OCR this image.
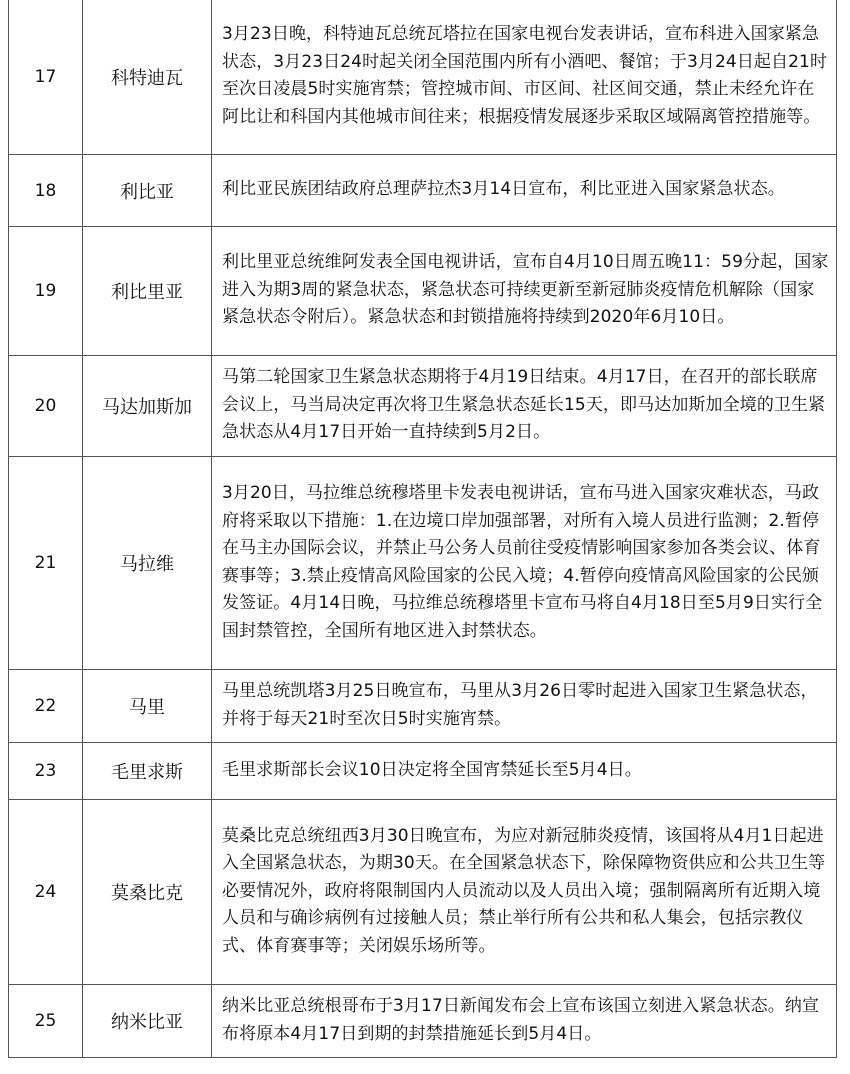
17	科特迪瓦	3月23日晚，科特迪瓦总统瓦塔拉在国家电视台发表讲话，宣布科进入国家紧急状态，3月23日24时起关闭全国范围内所有小酒吧、餐馆；于3月24日起自21时至次日凌晨5时实施宵禁；管控城市间、市区间、社区间交通，禁止未经允许在阿比让和科国内其他城市间往来；根据疫情发展逐步采取区域隔离管控措施等。
18	利比亚	利比亚民族团结政府总理萨拉杰3月14日宣布，利比亚进入国家紧急状态。
19	利比里亚	利比里亚总统维阿发表全国电视讲话，宣布自4月10日周五晚11：59分起，国家进入为期3周的紧急状态，紧急状态可持续更新至新冠肺炎疫情危机解除（国家紧急状态令附后）。紧急状态和封锁措施将持续到2020年6月10日。
20	马达加斯加	马第二轮国家卫生紧急状态期将于4月19日结束。4月17日，在召开的部长联席会议上，马当局决定再次将卫生紧急状态延长15天，即马达加斯加全境的卫生紧急状态从4月17日开始一直持续到5月2日。
21	马拉维	3月20日，马拉维总统穆塔里卡发表电视讲话，宣布马进入国家灾难状态，马政府将采取以下措施：1.在边境口岸加强部署，对所有入境人员进行监测；2.暂停在马主办国际会议，并禁止马公务人员前往受疫情影响国家参加各类会议、体育赛事等；3.禁止疫情高风险国家的公民入境；4.暂停向疫情高风险国家的公民颁发签证。4月14日晚，马拉维总统穆塔里卡宣布马将自4月18日至5月9日实行全国封禁管控，全国所有地区进入封禁状态。
22	马里	马里总统凯塔3月25日晚宣布，马里从3月26日零时起进入国家卫生紧急状态，并将于每天21时至次日5时实施宵禁。
23	毛里求斯	毛里求斯部长会议10日决定将全国宵禁延长至5月4日。
24	莫桑比克	莫桑比克总统纽西3月30日晚宣布，为应对新冠肺炎疫情，该国将从4月1日起进入全国紧急状态，为期30天。在全国紧急状态下，除保障物资供应和公共卫生等必要情况外，政府将限制国内人员流动以及人员出入境；强制隔离所有近期入境人员和与确诊病例有过接触人员；禁止举行所有公共和私人集会，包括宗教仪式、体育赛事等；关闭娱乐场所等。
25	纳米比亚	纳米比亚总统根哥布于3月17日新闻发布会上宣布该国立刻进入紧急状态。纳宣布将原本4月17日到期的封禁措施延长到5月4日。
